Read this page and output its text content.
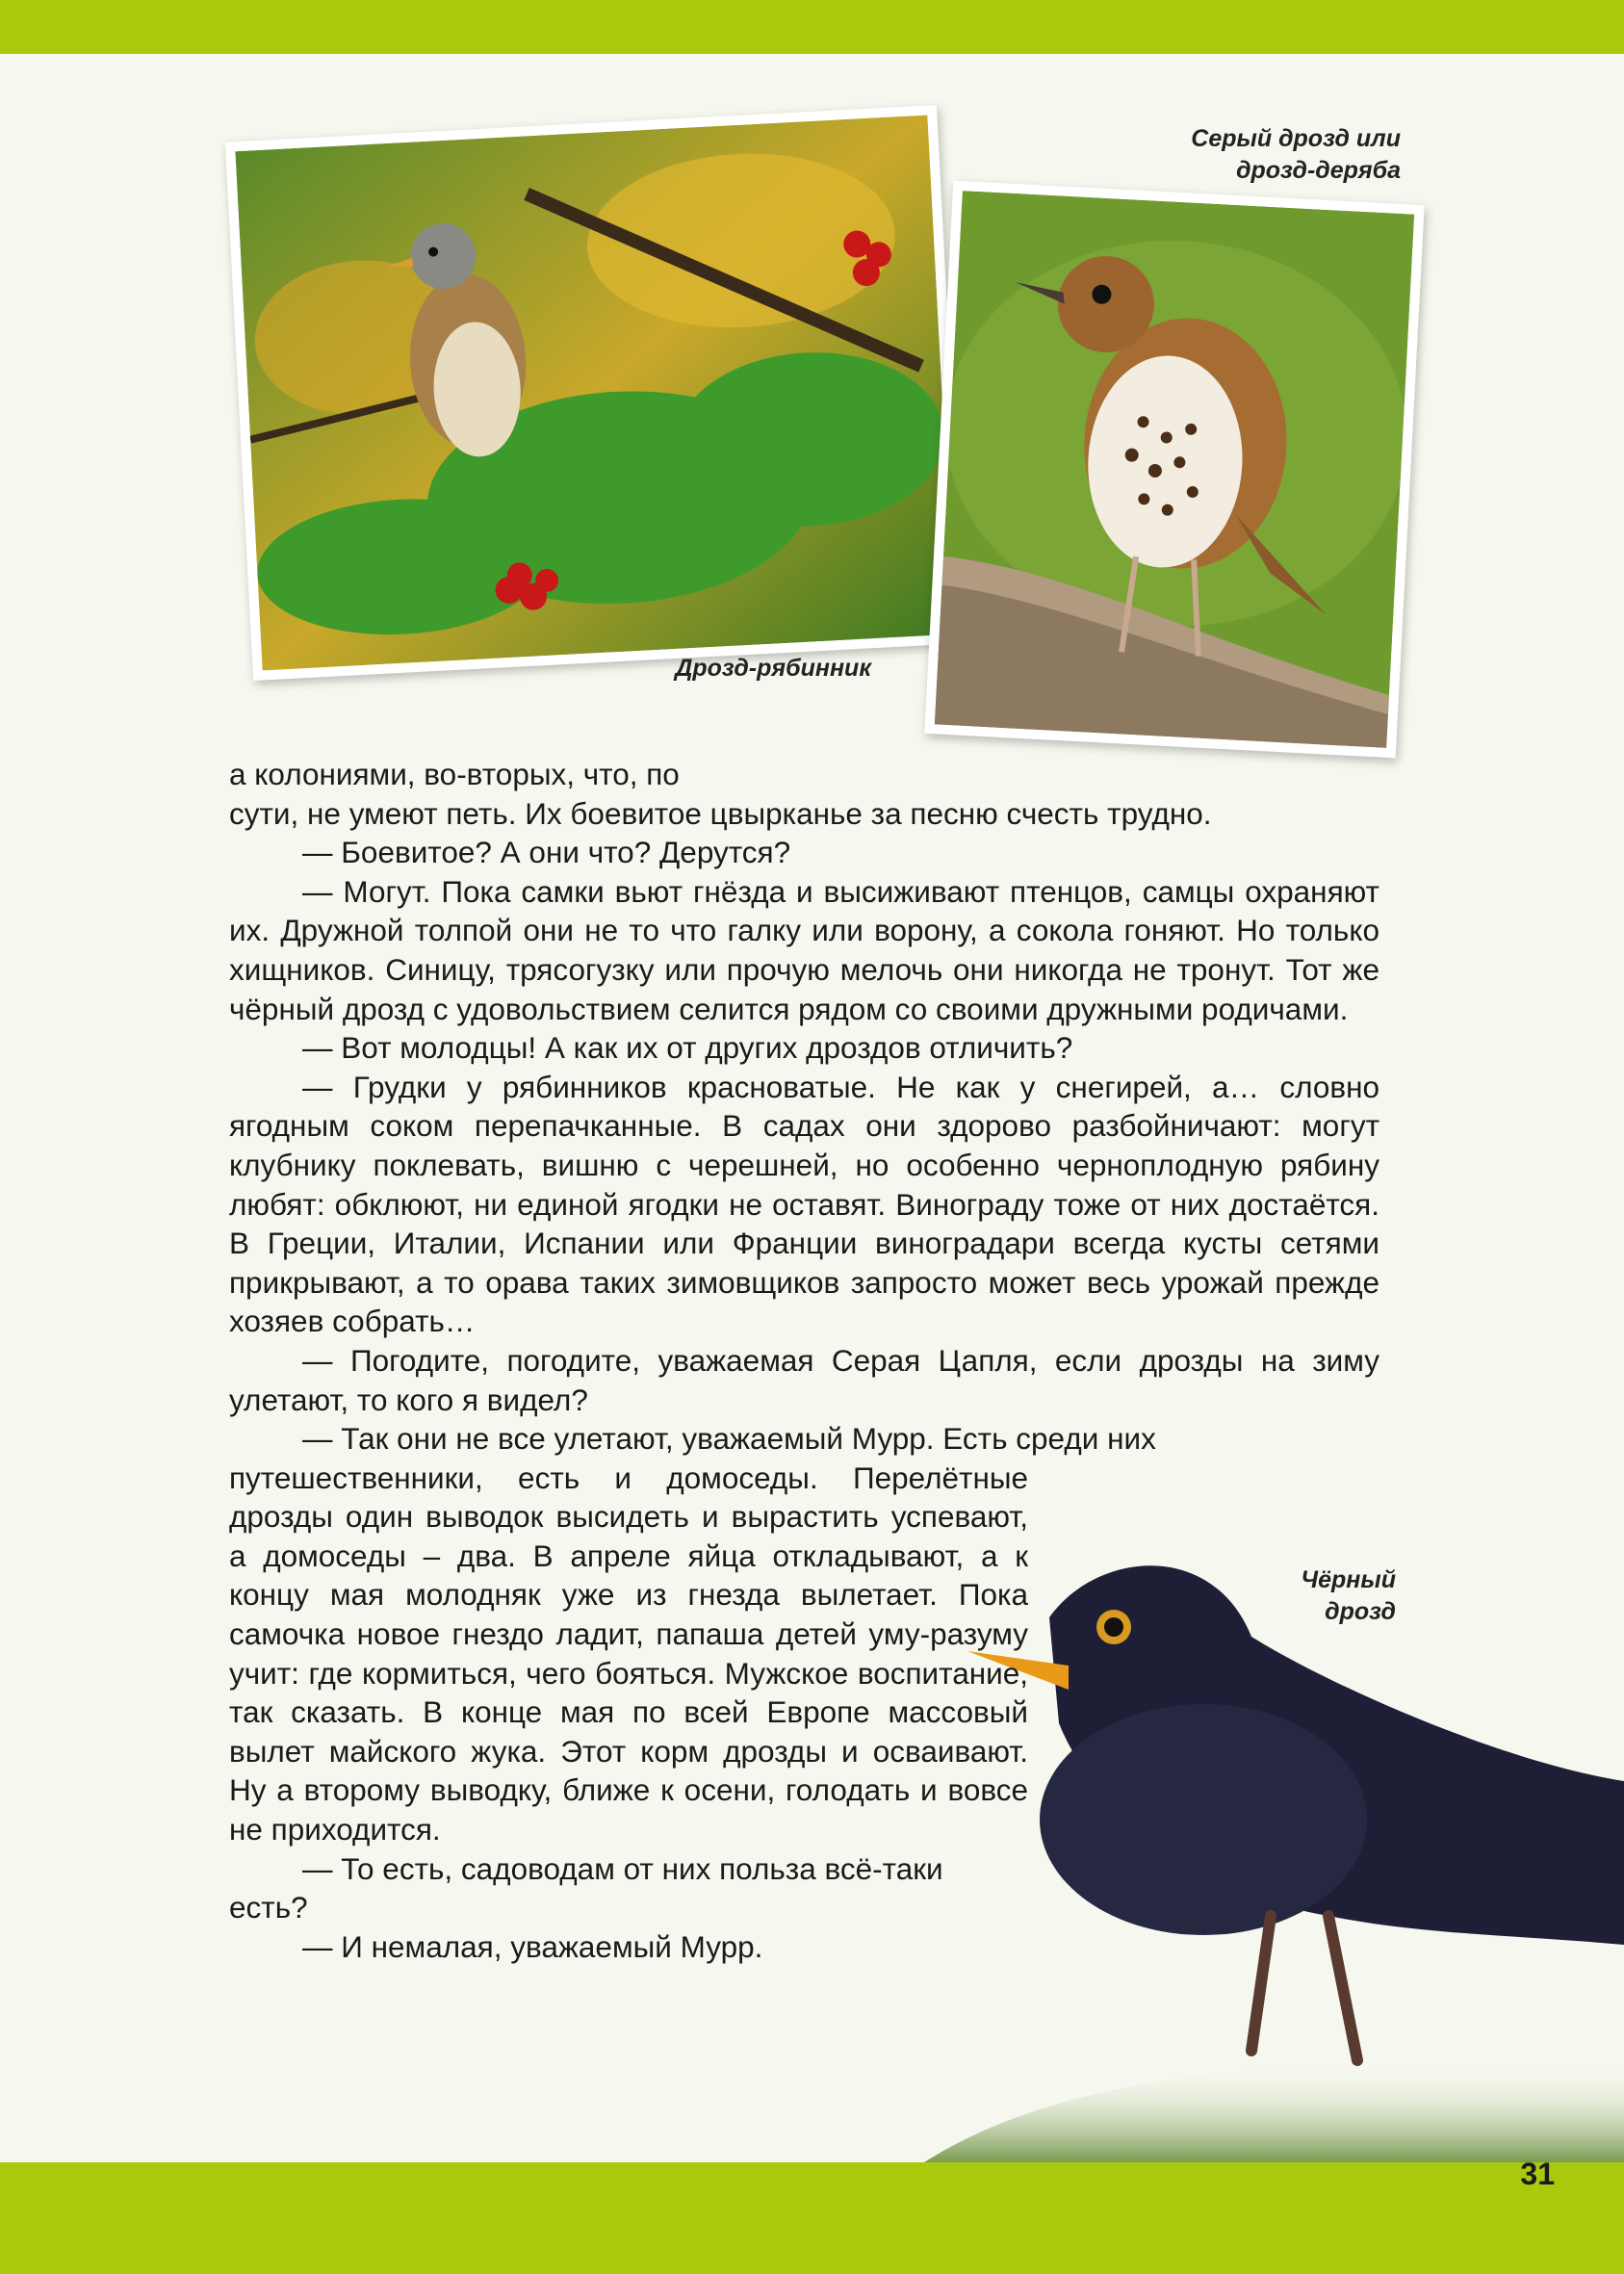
Серый дрозд или дрозд-деряба
Дрозд-рябинник
Чёрный дрозд

а колониями, во-вторых, что, по

сути, не умеют петь. Их боевитое цвырканье за песню счесть трудно.

— Боевитое? А они что? Дерутся?

— Могут. Пока самки вьют гнёзда и высиживают птенцов, самцы охраняют их. Дружной толпой они не то что галку или ворону, а сокола гоняют. Но только хищников. Синицу, трясогузку или прочую мелочь они никогда не тронут. Тот же чёрный дрозд с удовольствием селится рядом со своими дружными родичами.

— Вот молодцы! А как их от других дроздов отличить?

— Грудки у рябинников красноватые. Не как у снегирей, а… словно ягодным соком перепачканные. В садах они здорово разбойничают: могут клубнику поклевать, вишню с черешней, но особенно черноплодную рябину любят: обклюют, ни единой ягодки не оставят. Винограду тоже от них достаётся. В Греции, Италии, Испании или Франции виноградари всегда кусты сетями прикрывают, а то орава таких зимовщиков запросто может весь урожай прежде хозяев собрать…

— Погодите, погодите, уважаемая Серая Цапля, если дрозды на зиму улетают, то кого я видел?

— Так они не все улетают, уважаемый Мурр. Есть среди них

путешественники, есть и домоседы. Перелётные дрозды один выводок высидеть и вырастить успевают, а домоседы – два. В апреле яйца откладывают, а к концу мая молодняк уже из гнезда вылетает. Пока самочка новое гнездо ладит, папаша детей уму-разуму учит: где кормиться, чего бояться. Мужское воспитание, так сказать. В конце мая по всей Европе массовый вылет майского жука. Этот корм дрозды и осваивают. Ну а второму выводку, ближе к осени, голодать и вовсе не приходится.

— То есть, садоводам от них польза всё-таки есть?

— И немалая, уважаемый Мурр.

31
